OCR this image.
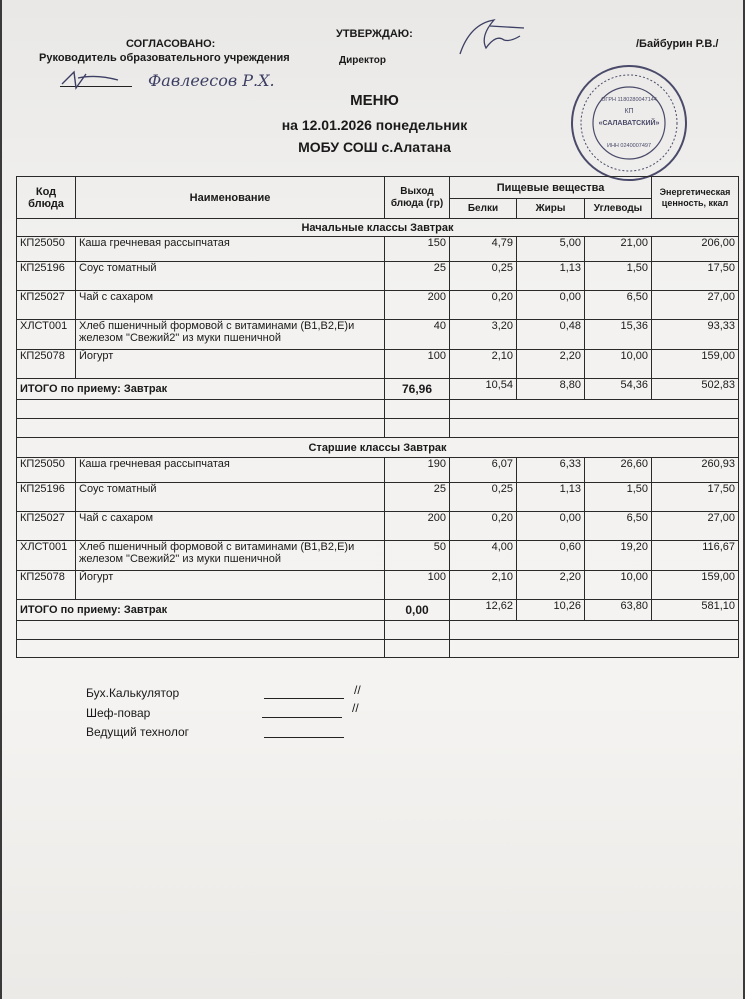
СОГЛАСОВАНО:
Руководитель образовательного учреждения
УТВЕРЖДАЮ:
Директор
/Байбурин Р.В./
Фавлеесов Р.Х.
КП
«САЛАВАТСКИЙ»
ИНН 0240007497
ОГРН 1180280047144
МЕНЮ
на 12.01.2026 понедельник
МОБУ СОШ с.Алатана
Код блюда	Наименование	Выход блюда (гр)	Пищевые вещества			Энергетическая ценность, ккал
			Белки	Жиры	Углеводы	
Начальные классы Завтрак						
КП25050	Каша гречневая рассыпчатая	150	4,79	5,00	21,00	206,00
КП25196	Соус томатный	25	0,25	1,13	1,50	17,50
КП25027	Чай с сахаром	200	0,20	0,00	6,50	27,00
ХЛСТ001	Хлеб пшеничный формовой с витаминами (В1,В2,Е)и железом "Свежий2" из муки пшеничной	40	3,20	0,48	15,36	93,33
КП25078	Йогурт	100	2,10	2,20	10,00	159,00
ИТОГО по приему: Завтрак		76,96	10,54	8,80	54,36	502,83

Старшие классы Завтрак						
КП25050	Каша гречневая рассыпчатая	190	6,07	6,33	26,60	260,93
КП25196	Соус томатный	25	0,25	1,13	1,50	17,50
КП25027	Чай с сахаром	200	0,20	0,00	6,50	27,00
ХЛСТ001	Хлеб пшеничный формовой с витаминами (В1,В2,Е)и железом "Свежий2" из муки пшеничной	50	4,00	0,60	19,20	116,67
КП25078	Йогурт	100	2,10	2,20	10,00	159,00
ИТОГО по приему: Завтрак		0,00	12,62	10,26	63,80	581,10

Бух.Калькулятор	//
Шеф-повар	//
Ведущий технолог
